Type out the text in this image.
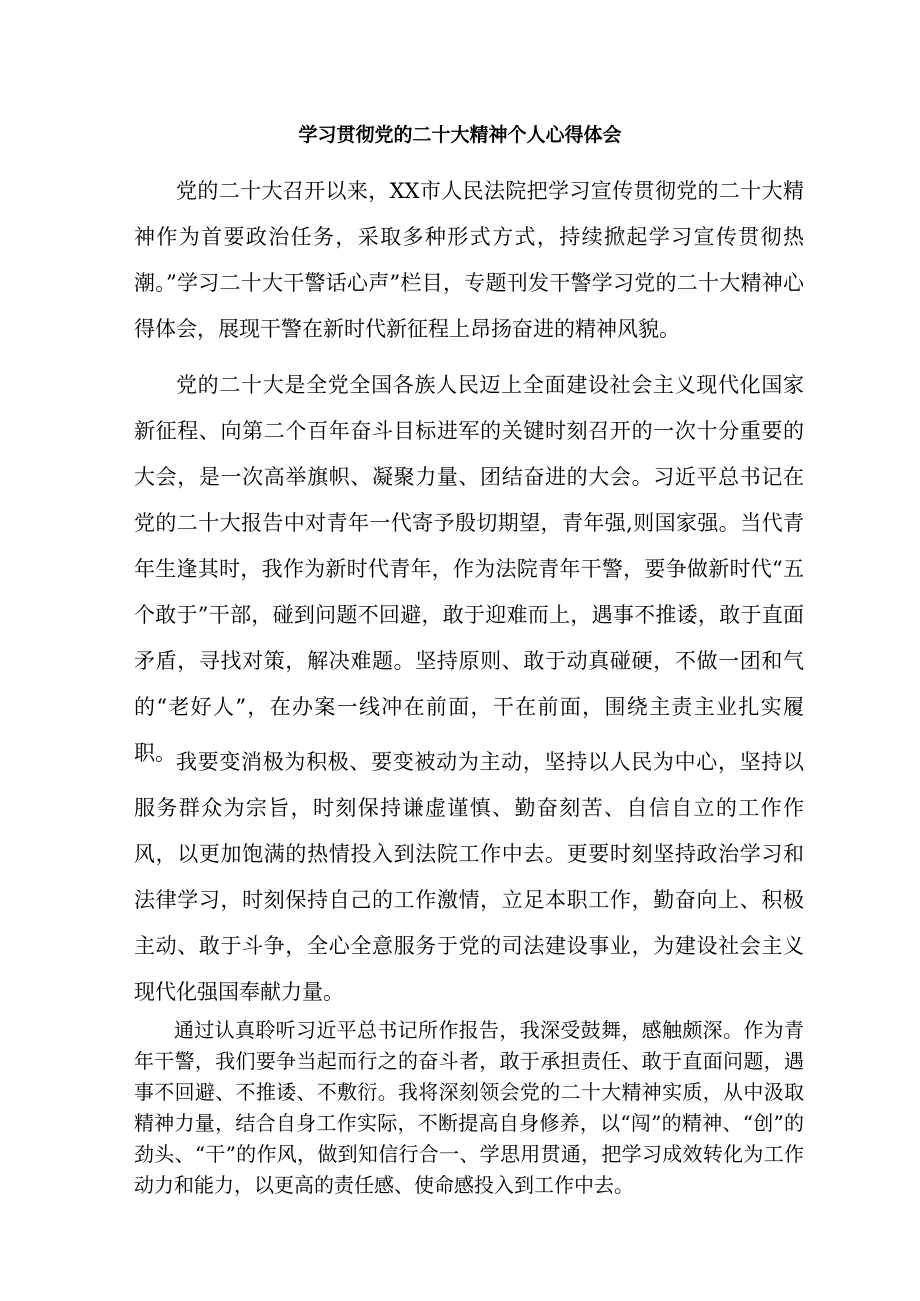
学习贯彻党的二十大精神个人心得体会

党的二十大召开以来，XX市人民法院把学习宣传贯彻党的二十大精神作为首要政治任务，采取多种形式方式，持续掀起学习宣传贯彻热潮。”学习二十大干警话心声”栏目，专题刊发干警学习党的二十大精神心得体会，展现干警在新时代新征程上昂扬奋进的精神风貌。

党的二十大是全党全国各族人民迈上全面建设社会主义现代化国家新征程、向第二个百年奋斗目标进军的关键时刻召开的一次十分重要的大会，是一次高举旗帜、凝聚力量、团结奋进的大会。习近平总书记在党的二十大报告中对青年一代寄予殷切期望，青年强,则国家强。当代青年生逢其时，我作为新时代青年，作为法院青年干警，要争做新时代“五个敢于”干部，碰到问题不回避，敢于迎难而上，遇事不推诿，敢于直面矛盾，寻找对策，解决难题。坚持原则、敢于动真碰硬，不做一团和气的“老好人”，在办案一线冲在前面，干在前面，围绕主责主业扎实履职。 我要变消极为积极、要变被动为主动，坚持以人民为中心，坚持以服务群众为宗旨，时刻保持谦虚谨慎、勤奋刻苦、自信自立的工作作风，以更加饱满的热情投入到法院工作中去。更要时刻坚持政治学习和法律学习，时刻保持自己的工作激情，立足本职工作，勤奋向上、积极主动、敢于斗争，全心全意服务于党的司法建设事业，为建设社会主义现代化强国奉献力量。

通过认真聆听习近平总书记所作报告，我深受鼓舞，感触颇深。作为青年干警，我们要争当起而行之的奋斗者，敢于承担责任、敢于直面问题，遇事不回避、不推诿、不敷衍。我将深刻领会党的二十大精神实质，从中汲取精神力量，结合自身工作实际，不断提高自身修养，以“闯”的精神、“创”的劲头、“干”的作风，做到知信行合一、学思用贯通，把学习成效转化为工作动力和能力，以更高的责任感、使命感投入到工作中去。
